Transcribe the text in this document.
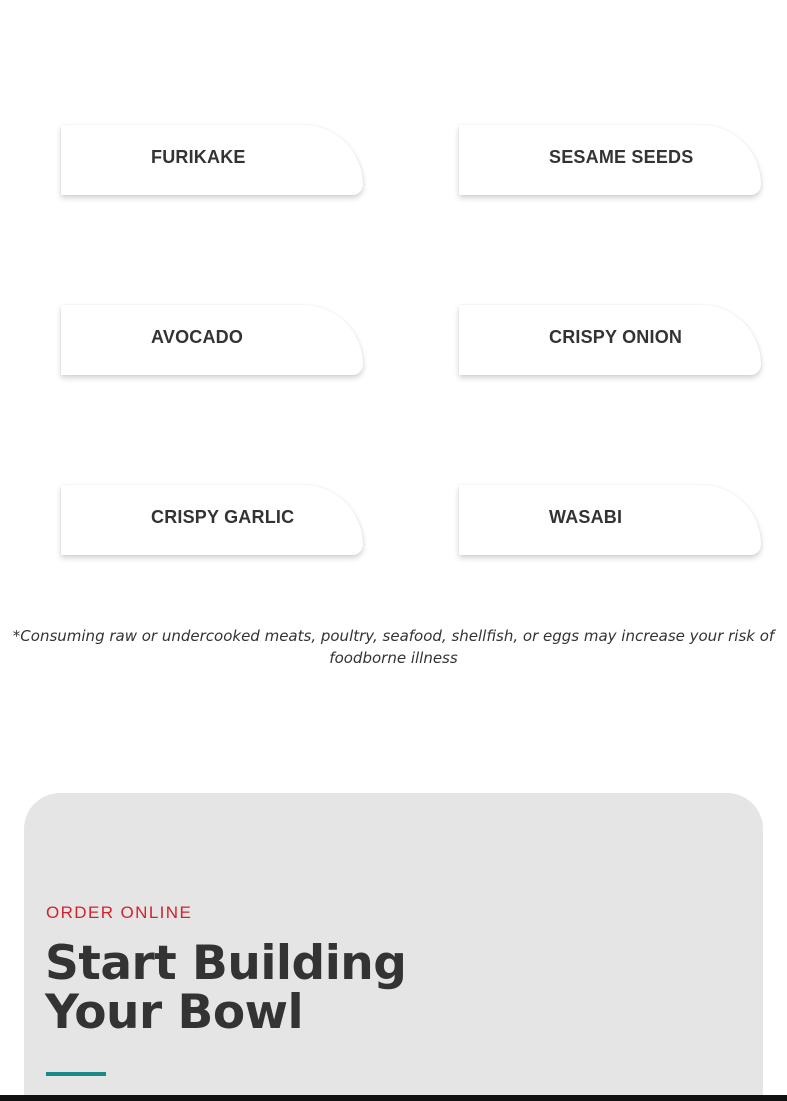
FURIKAKE	SESAME SEEDS
AVOCADO	CRISPY ONION
CRISPY GARLIC	WASABI

*Consuming raw or undercooked meats, poultry, seafood, shellfish, or eggs may increase your risk of foodborne illness

ORDER ONLINE
Start Building
Your Bowl
